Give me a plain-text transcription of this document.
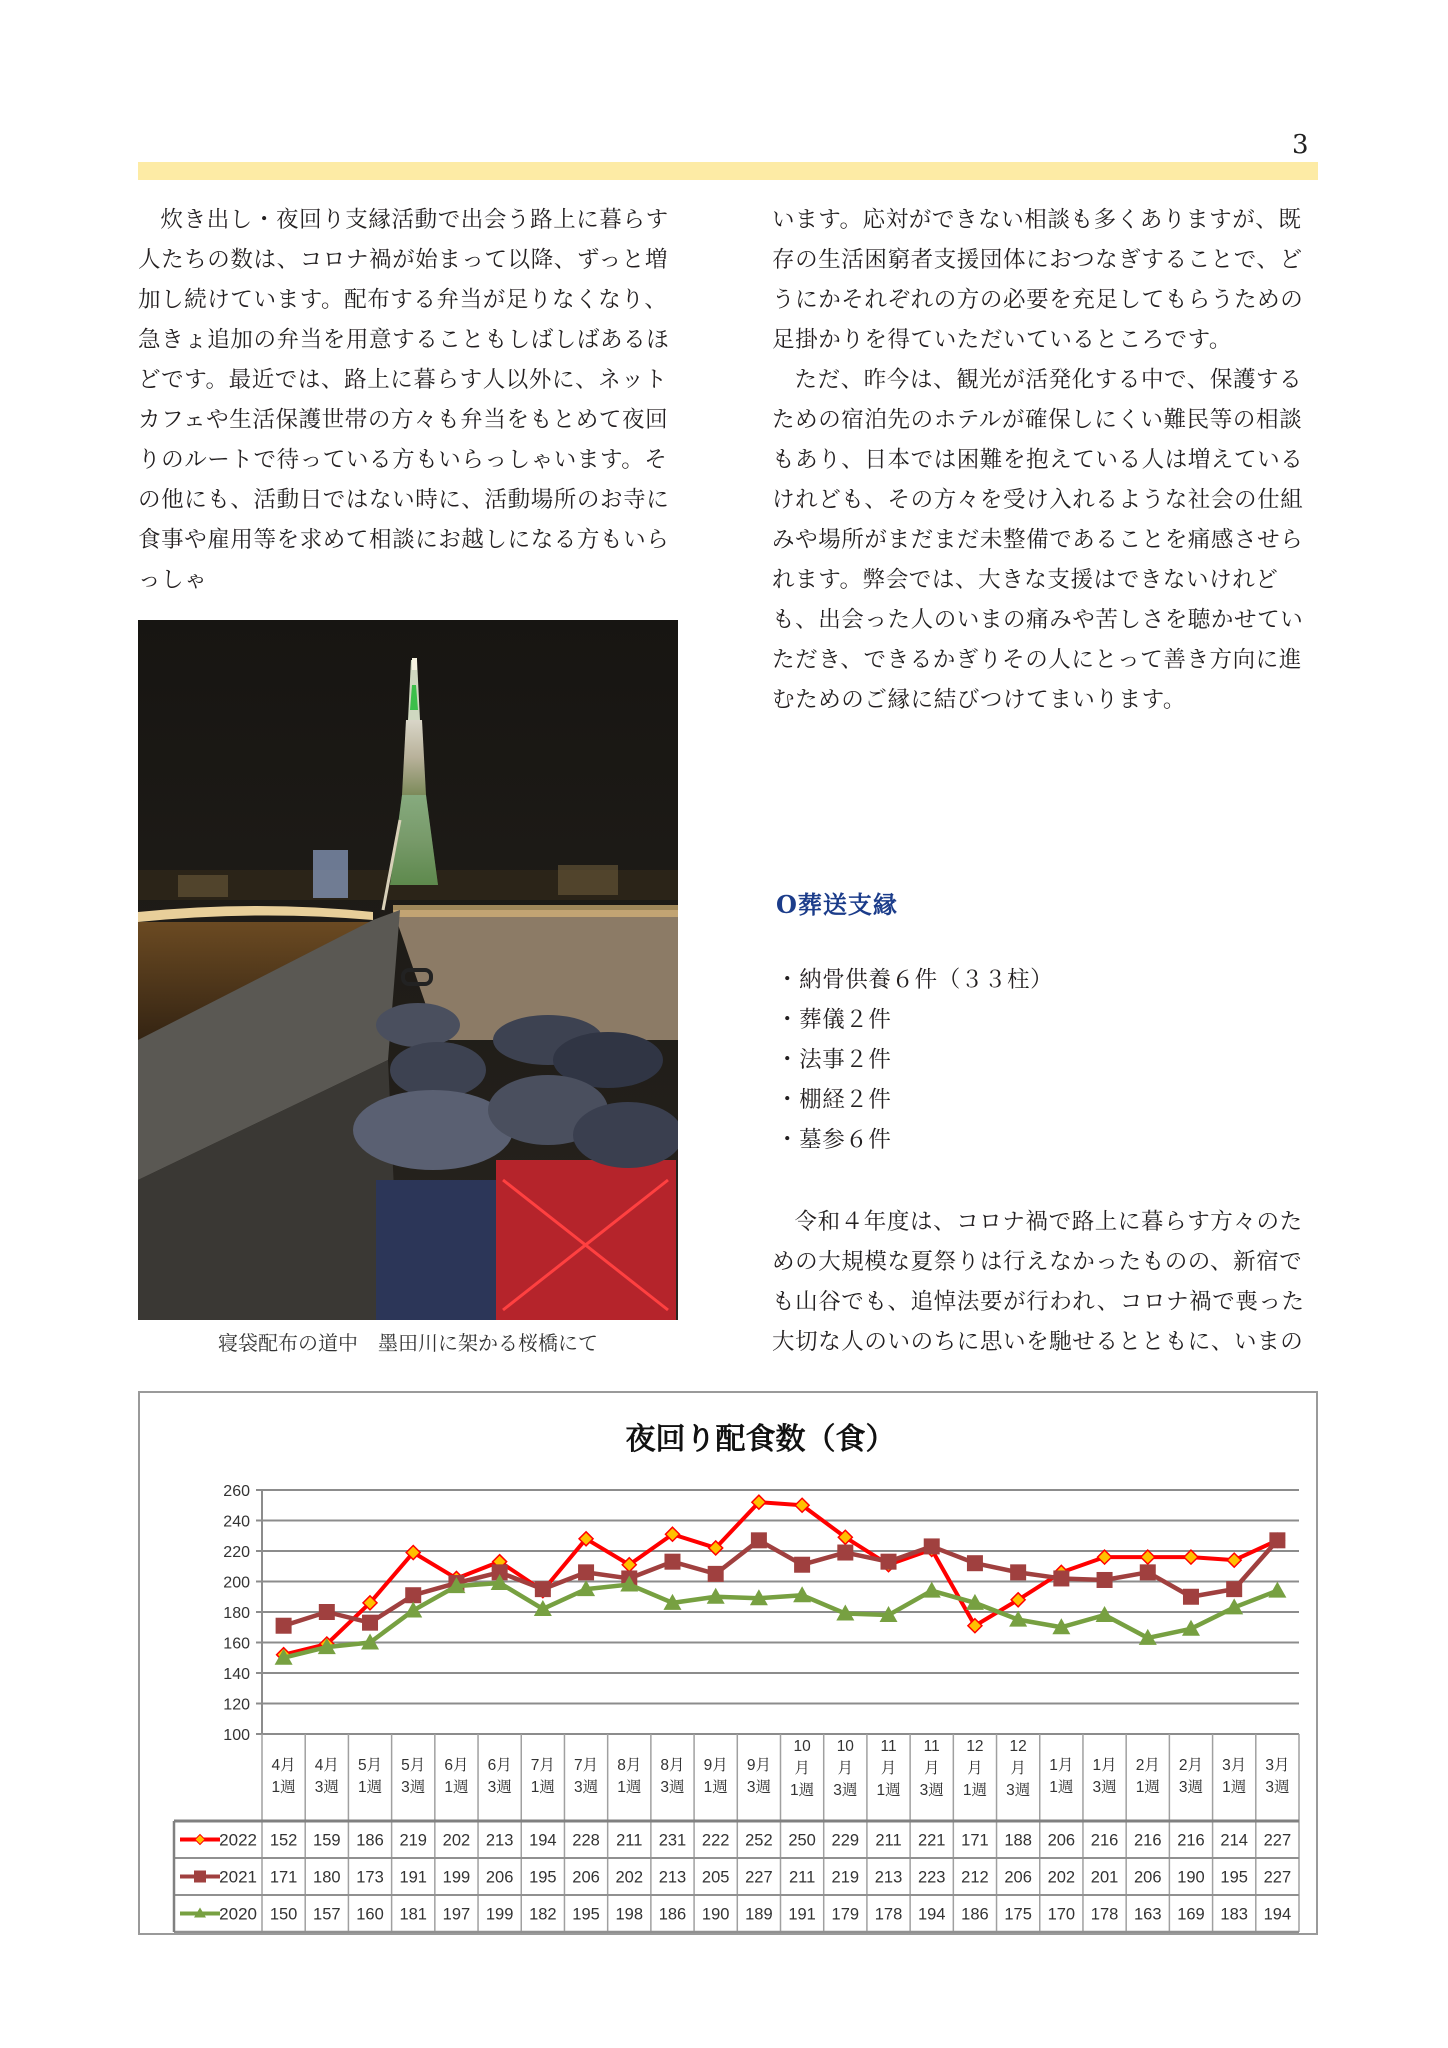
3

炊き出し・夜回り支縁活動で出会う路上に暮らす人たちの数は、コロナ禍が始まって以降、ずっと増加し続けています。配布する弁当が足りなくなり、急きょ追加の弁当を用意することもしばしばあるほどです。最近では、路上に暮らす人以外に、ネットカフェや生活保護世帯の方々も弁当をもとめて夜回りのルートで待っている方もいらっしゃいます。その他にも、活動日ではない時に、活動場所のお寺に食事や雇用等を求めて相談にお越しになる方もいらっしゃ

寝袋配布の道中　墨田川に架かる桜橋にて

います。応対ができない相談も多くありますが、既存の生活困窮者支援団体におつなぎすることで、どうにかそれぞれの方の必要を充足してもらうための足掛かりを得ていただいているところです。

ただ、昨今は、観光が活発化する中で、保護するための宿泊先のホテルが確保しにくい難民等の相談もあり、日本では困難を抱えている人は増えているけれども、その方々を受け入れるような社会の仕組みや場所がまだまだ未整備であることを痛感させられます。弊会では、大きな支援はできないけれども、出会った人のいまの痛みや苦しさを聴かせていただき、できるかぎりその人にとって善き方向に進むためのご縁に結びつけてまいります。

O葬送支縁
・納骨供養６件（３３柱）
・葬儀２件
・法事２件
・棚経２件
・墓参６件
令和４年度は、コロナ禍で路上に暮らす方々のための大規模な夏祭りは行えなかったものの、新宿でも山谷でも、追悼法要が行われ、コロナ禍で喪った大切な人のいのちに思いを馳せるとともに、いまの
夜回り配食数（食）
100
120
140
160
180
200
220
240
260
4月
1週
4月
3週
5月
1週
5月
3週
6月
1週
6月
3週
7月
1週
7月
3週
8月
1週
8月
3週
9月
1週
9月
3週
10
月
1週
10
月
3週
11
月
1週
11
月
3週
12
月
1週
12
月
3週
1月
1週
1月
3週
2月
1週
2月
3週
3月
1週
3月
3週
2022 152 159 186 219 202 213 194 228 211 231 222 252 250 229 211 221 171 188 206 216 216 216 214 227
2021 171 180 173 191 199 206 195 206 202 213 205 227 211 219 213 223 212 206 202 201 206 190 195 227
2020 150 157 160 181 197 199 182 195 198 186 190 189 191 179 178 194 186 175 170 178 163 169 183 194
